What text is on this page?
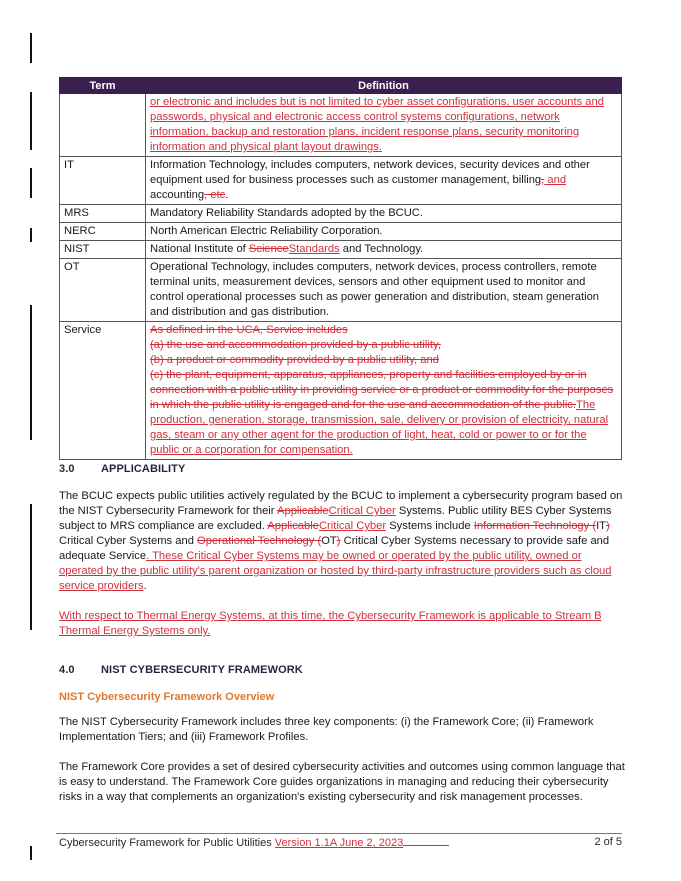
Term	Definition
	or electronic and includes but is not limited to cyber asset configurations, user accounts and passwords, physical and electronic access control systems configurations, network information, backup and restoration plans, incident response plans, security monitoring information and physical plant layout drawings.
IT	Information Technology, includes computers, network devices, security devices and other equipment used for business processes such as customer management, billing, and accounting, etc.
MRS	Mandatory Reliability Standards adopted by the BCUC.
NERC	North American Electric Reliability Corporation.
NIST	National Institute of ScienceStandards and Technology.
OT	Operational Technology, includes computers, network devices, process controllers, remote terminal units, measurement devices, sensors and other equipment used to monitor and control operational processes such as power generation and distribution, steam generation and distribution and gas distribution.
Service	As defined in the UCA, Service includes
(a) the use and accommodation provided by a public utility,
(b) a product or commodity provided by a public utility, and
(c) the plant, equipment, apparatus, appliances, property and facilities employed by or in connection with a public utility in providing service or a product or commodity for the purposes in which the public utility is engaged and for the use and accommodation of the public.The production, generation, storage, transmission, sale, delivery or provision of electricity, natural gas, steam or any other agent for the production of light, heat, cold or power to or for the public or a corporation for compensation.
3.0 APPLICABILITY
The BCUC expects public utilities actively regulated by the BCUC to implement a cybersecurity program based on the NIST Cybersecurity Framework for their ApplicableCritical Cyber Systems. Public utility BES Cyber Systems subject to MRS compliance are excluded. ApplicableCritical Cyber Systems include Information Technology (IT) Critical Cyber Systems and Operational Technology (OT) Critical Cyber Systems necessary to provide safe and adequate Service. These Critical Cyber Systems may be owned or operated by the public utility, owned or operated by the public utility's parent organization or hosted by third-party infrastructure providers such as cloud service providers.
With respect to Thermal Energy Systems, at this time, the Cybersecurity Framework is applicable to Stream B Thermal Energy Systems only.
4.0 NIST CYBERSECURITY FRAMEWORK
NIST Cybersecurity Framework Overview
The NIST Cybersecurity Framework includes three key components: (i) the Framework Core; (ii) Framework Implementation Tiers; and (iii) Framework Profiles.
The Framework Core provides a set of desired cybersecurity activities and outcomes using common language that is easy to understand. The Framework Core guides organizations in managing and reducing their cybersecurity risks in a way that complements an organization's existing cybersecurity and risk management processes.
Cybersecurity Framework for Public Utilities Version 1.1A June 2, 2023	2 of 5
